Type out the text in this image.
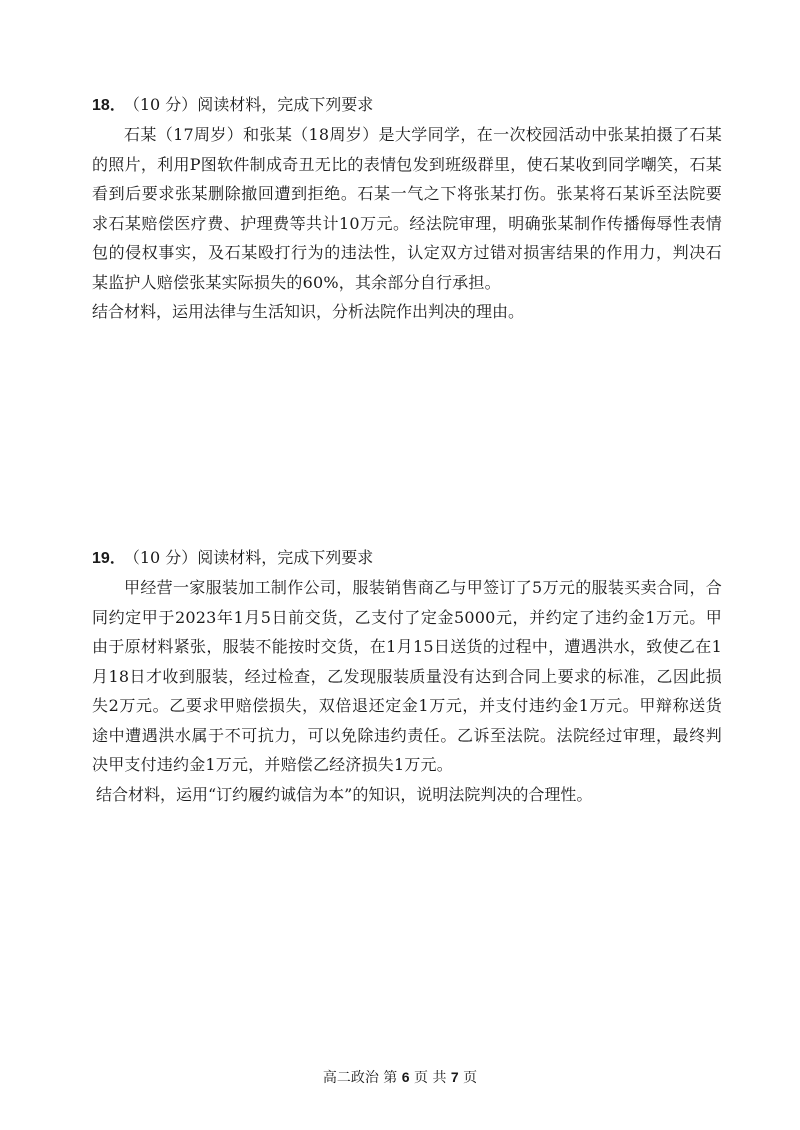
18． （10 分）阅读材料，完成下列要求

石某（17周岁）和张某（18周岁）是大学同学，在一次校园活动中张某拍摄了石某的照片，利用P图软件制成奇丑无比的表情包发到班级群里，使石某收到同学嘲笑，石某看到后要求张某删除撤回遭到拒绝。石某一气之下将张某打伤。张某将石某诉至法院要求石某赔偿医疗费、护理费等共计10万元。经法院审理，明确张某制作传播侮辱性表情包的侵权事实，及石某殴打行为的违法性，认定双方过错对损害结果的作用力，判决石某监护人赔偿张某实际损失的60%，其余部分自行承担。

结合材料，运用法律与生活知识，分析法院作出判决的理由。

19． （10 分）阅读材料，完成下列要求

甲经营一家服装加工制作公司，服装销售商乙与甲签订了5万元的服装买卖合同，合同约定甲于2023年1月5日前交货，乙支付了定金5000元，并约定了违约金1万元。甲由于原材料紧张，服装不能按时交货，在1月15日送货的过程中，遭遇洪水，致使乙在1月18日才收到服装，经过检查，乙发现服装质量没有达到合同上要求的标准，乙因此损失2万元。乙要求甲赔偿损失，双倍退还定金1万元，并支付违约金1万元。甲辩称送货途中遭遇洪水属于不可抗力，可以免除违约责任。乙诉至法院。法院经过审理，最终判决甲支付违约金1万元，并赔偿乙经济损失1万元。

结合材料，运用“订约履约诚信为本”的知识，说明法院判决的合理性。

高二政治 第 6 页 共 7 页
